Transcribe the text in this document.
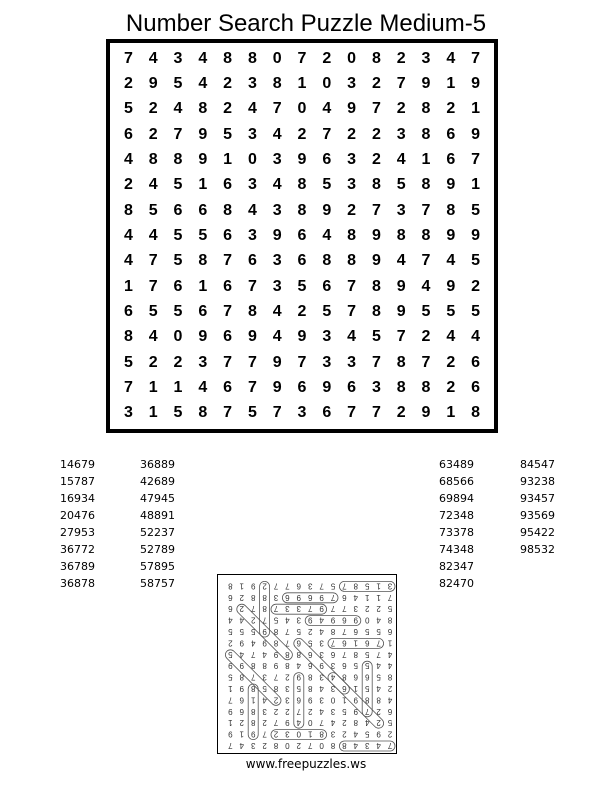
Number Search Puzzle Medium-5
7 4 3 4 8 8 0 7 2 0 8 2 3 4 7
2 9 5 4 2 3 8 1 0 3 2 7 9 1 9
5 2 4 8 2 4 7 0 4 9 7 2 8 2 1
6 2 7 9 5 3 4 2 7 2 2 3 8 6 9
4 8 8 9 1 0 3 9 6 3 2 4 1 6 7
2 4 5 1 6 3 4 8 5 3 8 5 8 9 1
8 5 6 6 8 4 3 8 9 2 7 3 7 8 5
4 4 5 5 6 3 9 6 4 8 9 8 8 9 9
4 7 5 8 7 6 3 6 8 8 9 4 7 4 5
1 7 6 1 6 7 3 5 6 7 8 9 4 9 2
6 5 5 6 7 8 4 2 5 7 8 9 5 5 5
8 4 0 9 6 9 4 9 3 4 5 7 2 4 4
5 2 2 3 7 7 9 7 3 3 7 8 7 2 6
7 1 1 4 6 7 9 6 9 6 3 8 8 2 6
3 1 5 8 7 5 7 3 6 7 7 2 9 1 8
14679
15787
16934
20476
27953
36772
36789
36878
36889
42689
47945
48891
52237
52789
57895
58757
63489
68566
69894
72348
73378
74348
82347
82470
84547
93238
93457
93569
95422
98532
7
4
3
4
8
8
0
7
2
0
8
2
3
4
7
2
9
5
4
2
3
8
1
0
3
2
7
9
1
9
5
2
4
8
2
4
7
0
4
9
7
2
8
2
1
6
2
7
9
5
3
4
2
7
2
2
3
8
6
9
4
8
8
9
1
0
3
9
6
3
2
4
1
6
7
2
4
5
1
6
3
4
8
5
3
8
5
8
9
1
8
5
6
6
8
4
3
8
9
2
7
3
7
8
5
4
4
5
5
6
3
9
6
4
8
9
8
8
9
9
4
7
5
8
7
6
3
6
8
8
9
4
7
4
5
1
7
6
1
6
7
3
5
6
7
8
9
4
9
2
6
5
5
6
7
8
4
2
5
7
8
9
5
5
5
8
4
0
9
6
9
4
9
3
4
5
7
2
4
4
5
2
2
3
7
7
9
7
3
3
7
8
7
2
6
7
1
1
4
6
7
9
6
9
6
3
8
8
2
6
3
1
5
8
7
5
7
3
6
7
7
2
9
1
8
www.freepuzzles.ws
